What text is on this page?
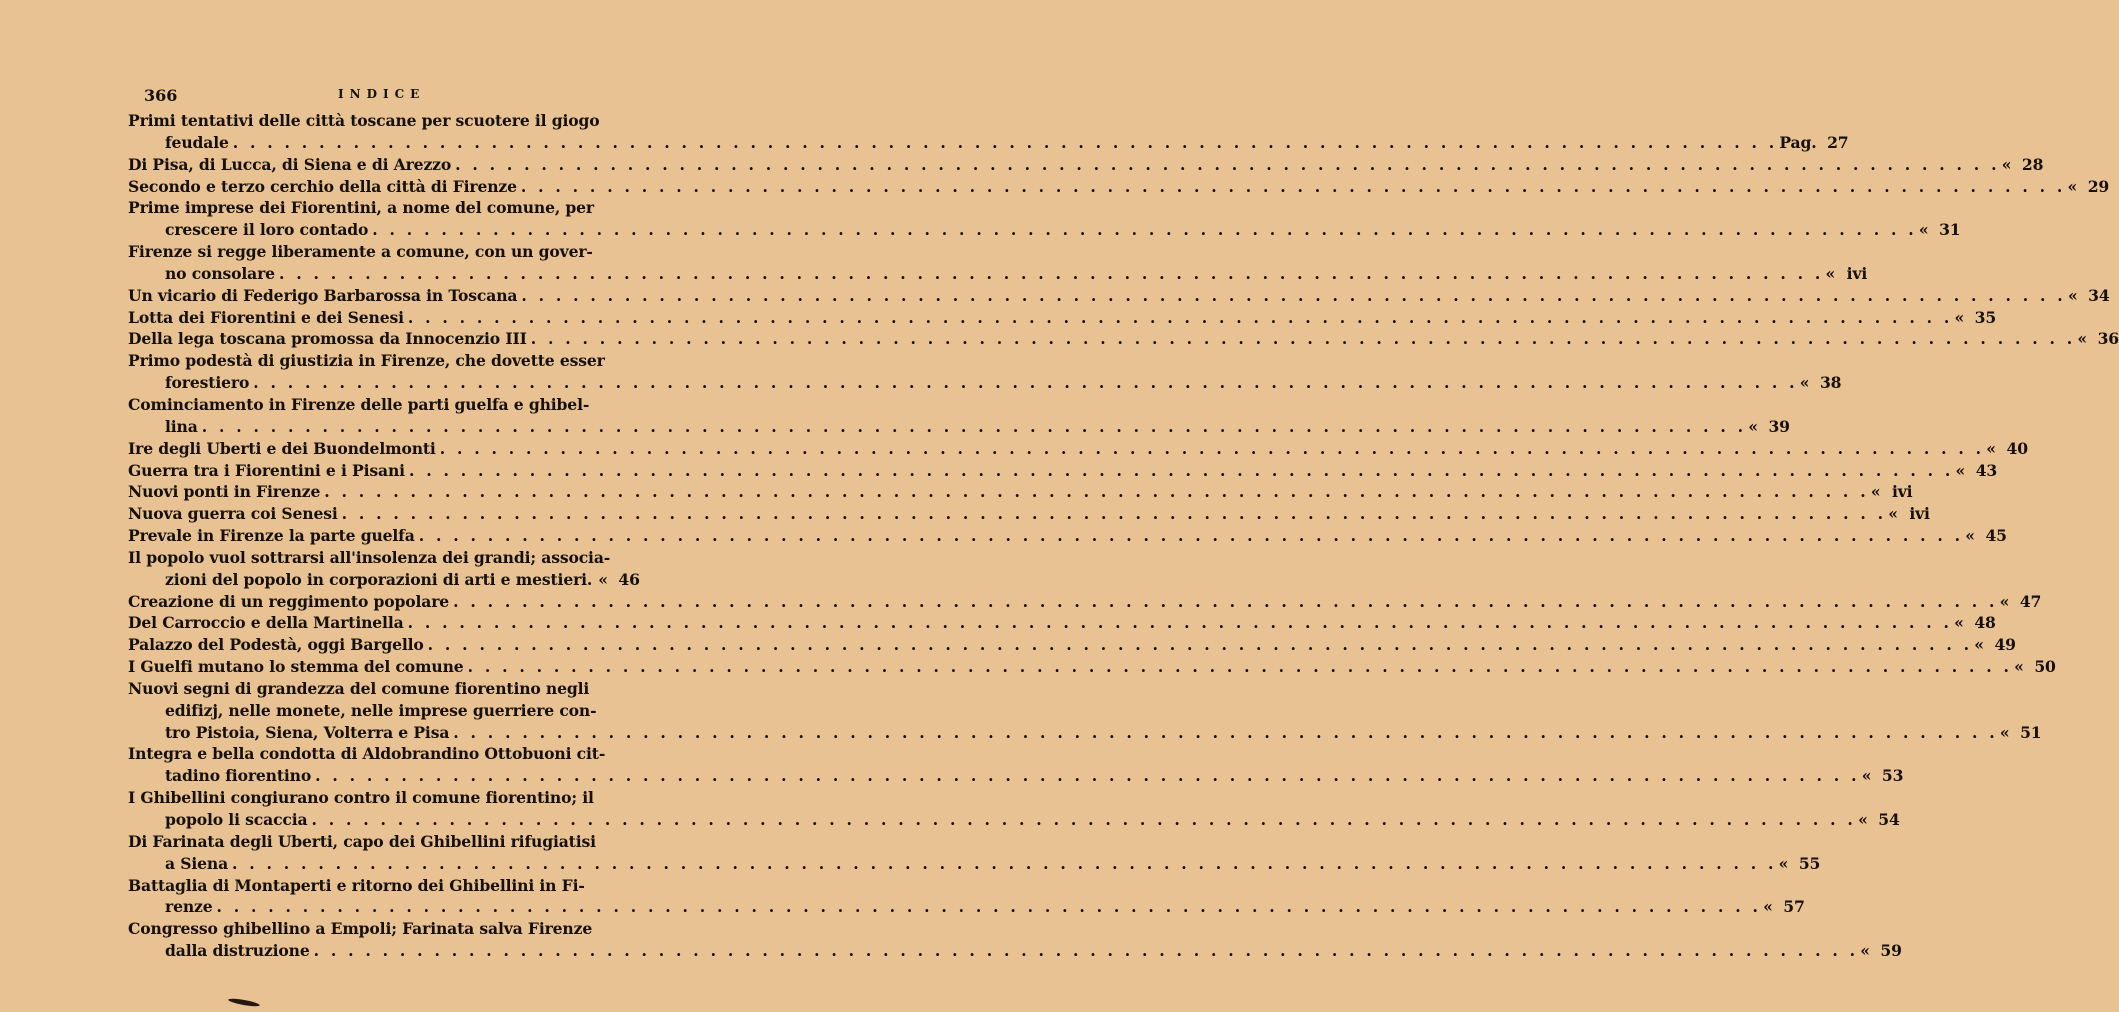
366	INDICE
Primi tentativi delle città toscane per scuotere il giogo
feudale . . . . . . . . . . . . . . . . . . . . . . . . . . . . . . . . . . . . . . . . . . . . . . . . . . . . . . . . . . . . . . . . . . . . . . . . . . . . . . . . . . . . . . . . . . Pag. 27
Di Pisa, di Lucca, di Siena e di Arezzo . . . . . . . . . . . . . . . . . . . . . . . . . . . . . . . . . . . . . . . . . . . . . . . . . . . . . . . . . . . . . . . . . . . . . . . . . . . . . . . . . . . . . . . . . . « 28
Secondo e terzo cerchio della città di Firenze . . . . . . . . . . . . . . . . . . . . . . . . . . . . . . . . . . . . . . . . . . . . . . . . . . . . . . . . . . . . . . . . . . . . . . . . . . . . . . . . . . . . . . . . . . « 29
Prime imprese dei Fiorentini, a nome del comune, per
crescere il loro contado . . . . . . . . . . . . . . . . . . . . . . . . . . . . . . . . . . . . . . . . . . . . . . . . . . . . . . . . . . . . . . . . . . . . . . . . . . . . . . . . . . . . . . . . . . « 31
Firenze si regge liberamente a comune, con un gover-
no consolare . . . . . . . . . . . . . . . . . . . . . . . . . . . . . . . . . . . . . . . . . . . . . . . . . . . . . . . . . . . . . . . . . . . . . . . . . . . . . . . . . . . . . . . . . . « ivi
Un vicario di Federigo Barbarossa in Toscana . . . . . . . . . . . . . . . . . . . . . . . . . . . . . . . . . . . . . . . . . . . . . . . . . . . . . . . . . . . . . . . . . . . . . . . . . . . . . . . . . . . . . . . . . . « 34
Lotta dei Fiorentini e dei Senesi . . . . . . . . . . . . . . . . . . . . . . . . . . . . . . . . . . . . . . . . . . . . . . . . . . . . . . . . . . . . . . . . . . . . . . . . . . . . . . . . . . . . . . . . . . « 35
Della lega toscana promossa da Innocenzio III . . . . . . . . . . . . . . . . . . . . . . . . . . . . . . . . . . . . . . . . . . . . . . . . . . . . . . . . . . . . . . . . . . . . . . . . . . . . . . . . . . . . . . . . . . « 36
Primo podestà di giustizia in Firenze, che dovette esser
forestiero . . . . . . . . . . . . . . . . . . . . . . . . . . . . . . . . . . . . . . . . . . . . . . . . . . . . . . . . . . . . . . . . . . . . . . . . . . . . . . . . . . . . . . . . . . « 38
Cominciamento in Firenze delle parti guelfa e ghibel-
lina . . . . . . . . . . . . . . . . . . . . . . . . . . . . . . . . . . . . . . . . . . . . . . . . . . . . . . . . . . . . . . . . . . . . . . . . . . . . . . . . . . . . . . . . . . « 39
Ire degli Uberti e dei Buondelmonti . . . . . . . . . . . . . . . . . . . . . . . . . . . . . . . . . . . . . . . . . . . . . . . . . . . . . . . . . . . . . . . . . . . . . . . . . . . . . . . . . . . . . . . . . . « 40
Guerra tra i Fiorentini e i Pisani . . . . . . . . . . . . . . . . . . . . . . . . . . . . . . . . . . . . . . . . . . . . . . . . . . . . . . . . . . . . . . . . . . . . . . . . . . . . . . . . . . . . . . . . . . « 43
Nuovi ponti in Firenze . . . . . . . . . . . . . . . . . . . . . . . . . . . . . . . . . . . . . . . . . . . . . . . . . . . . . . . . . . . . . . . . . . . . . . . . . . . . . . . . . . . . . . . . . . « ivi
Nuova guerra coi Senesi . . . . . . . . . . . . . . . . . . . . . . . . . . . . . . . . . . . . . . . . . . . . . . . . . . . . . . . . . . . . . . . . . . . . . . . . . . . . . . . . . . . . . . . . . . « ivi
Prevale in Firenze la parte guelfa . . . . . . . . . . . . . . . . . . . . . . . . . . . . . . . . . . . . . . . . . . . . . . . . . . . . . . . . . . . . . . . . . . . . . . . . . . . . . . . . . . . . . . . . . . « 45
Il popolo vuol sottrarsi all'insolenza dei grandi; associa-
zioni del popolo in corporazioni di arti e mestieri. « 46
Creazione di un reggimento popolare . . . . . . . . . . . . . . . . . . . . . . . . . . . . . . . . . . . . . . . . . . . . . . . . . . . . . . . . . . . . . . . . . . . . . . . . . . . . . . . . . . . . . . . . . . « 47
Del Carroccio e della Martinella . . . . . . . . . . . . . . . . . . . . . . . . . . . . . . . . . . . . . . . . . . . . . . . . . . . . . . . . . . . . . . . . . . . . . . . . . . . . . . . . . . . . . . . . . . « 48
Palazzo del Podestà, oggi Bargello . . . . . . . . . . . . . . . . . . . . . . . . . . . . . . . . . . . . . . . . . . . . . . . . . . . . . . . . . . . . . . . . . . . . . . . . . . . . . . . . . . . . . . . . . . « 49
I Guelfi mutano lo stemma del comune . . . . . . . . . . . . . . . . . . . . . . . . . . . . . . . . . . . . . . . . . . . . . . . . . . . . . . . . . . . . . . . . . . . . . . . . . . . . . . . . . . . . . . . . . . « 50
Nuovi segni di grandezza del comune fiorentino negli
edifizj, nelle monete, nelle imprese guerriere con-
tro Pistoia, Siena, Volterra e Pisa . . . . . . . . . . . . . . . . . . . . . . . . . . . . . . . . . . . . . . . . . . . . . . . . . . . . . . . . . . . . . . . . . . . . . . . . . . . . . . . . . . . . . . . . . . « 51
Integra e bella condotta di Aldobrandino Ottobuoni cit-
tadino fiorentino . . . . . . . . . . . . . . . . . . . . . . . . . . . . . . . . . . . . . . . . . . . . . . . . . . . . . . . . . . . . . . . . . . . . . . . . . . . . . . . . . . . . . . . . . . « 53
I Ghibellini congiurano contro il comune fiorentino; il
popolo li scaccia . . . . . . . . . . . . . . . . . . . . . . . . . . . . . . . . . . . . . . . . . . . . . . . . . . . . . . . . . . . . . . . . . . . . . . . . . . . . . . . . . . . . . . . . . . « 54
Di Farinata degli Uberti, capo dei Ghibellini rifugiatisi
a Siena . . . . . . . . . . . . . . . . . . . . . . . . . . . . . . . . . . . . . . . . . . . . . . . . . . . . . . . . . . . . . . . . . . . . . . . . . . . . . . . . . . . . . . . . . . « 55
Battaglia di Montaperti e ritorno dei Ghibellini in Fi-
renze . . . . . . . . . . . . . . . . . . . . . . . . . . . . . . . . . . . . . . . . . . . . . . . . . . . . . . . . . . . . . . . . . . . . . . . . . . . . . . . . . . . . . . . . . . « 57
Congresso ghibellino a Empoli; Farinata salva Firenze
dalla distruzione . . . . . . . . . . . . . . . . . . . . . . . . . . . . . . . . . . . . . . . . . . . . . . . . . . . . . . . . . . . . . . . . . . . . . . . . . . . . . . . . . . . . . . . . . . « 59
